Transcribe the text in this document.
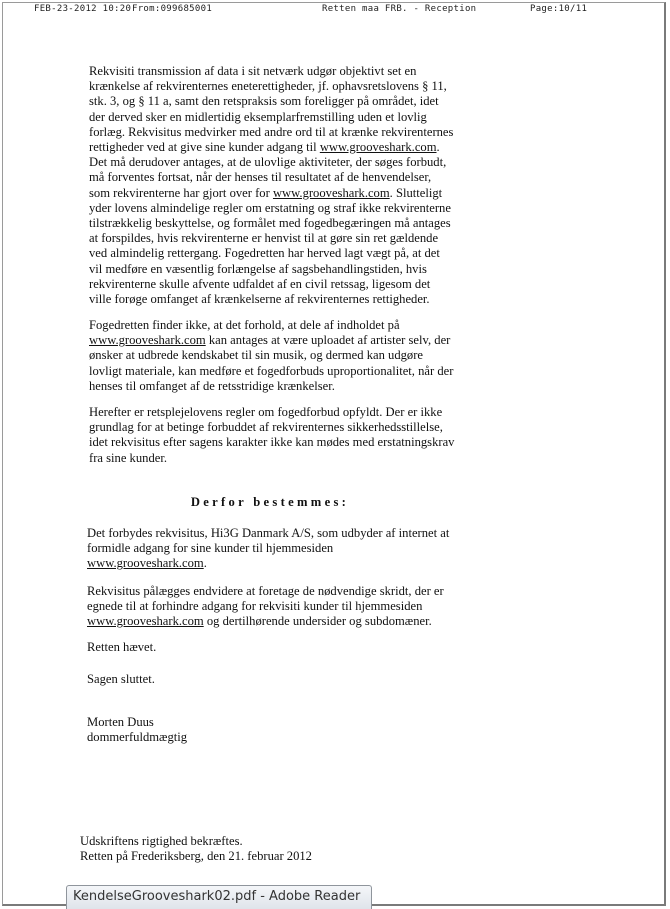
FEB-23-2012 10:20 From:099685001	Retten maa FRB. - Reception	Page:10/11
Rekvisiti transmission af data i sit netværk udgør objektivt set en
krænkelse af rekvirenternes eneterettigheder, jf. ophavsretslovens § 11,
stk. 3, og § 11 a, samt den retspraksis som foreligger på området, idet
der derved sker en midlertidig eksemplarfremstilling uden et lovlig
forlæg. Rekvisitus medvirker med andre ord til at krænke rekvirenternes
rettigheder ved at give sine kunder adgang til www.grooveshark.com.
Det må derudover antages, at de ulovlige aktiviteter, der søges forbudt,
må forventes fortsat, når der henses til resultatet af de henvendelser,
som rekvirenterne har gjort over for www.grooveshark.com. Slutteligt
yder lovens almindelige regler om erstatning og straf ikke rekvirenterne
tilstrækkelig beskyttelse, og formålet med fogedbegæringen må antages
at forspildes, hvis rekvirenterne er henvist til at gøre sin ret gældende
ved almindelig rettergang. Fogedretten har herved lagt vægt på, at det
vil medføre en væsentlig forlængelse af sagsbehandlingstiden, hvis
rekvirenterne skulle afvente udfaldet af en civil retssag, ligesom det
ville forøge omfanget af krænkelserne af rekvirenternes rettigheder.
Fogedretten finder ikke, at det forhold, at dele af indholdet på
www.grooveshark.com kan antages at være uploadet af artister selv, der
ønsker at udbrede kendskabet til sin musik, og dermed kan udgøre
lovligt materiale, kan medføre et fogedforbuds uproportionalitet, når der
henses til omfanget af de retsstridige krænkelser.
Herefter er retsplejelovens regler om fogedforbud opfyldt. Der er ikke
grundlag for at betinge forbuddet af rekvirenternes sikkerhedsstillelse,
idet rekvisitus efter sagens karakter ikke kan mødes med erstatningskrav
fra sine kunder.

Derfor bestemmes:

Det forbydes rekvisitus, Hi3G Danmark A/S, som udbyder af internet at
formidle adgang for sine kunder til hjemmesiden
www.grooveshark.com.
Rekvisitus pålægges endvidere at foretage de nødvendige skridt, der er
egnede til at forhindre adgang for rekvisiti kunder til hjemmesiden
www.grooveshark.com og dertilhørende undersider og subdomæner.
Retten hævet.
Sagen sluttet.
Morten Duus
dommerfuldmægtig
Udskriftens rigtighed bekræftes.
Retten på Frederiksberg, den 21. februar 2012
KendelseGrooveshark02.pdf - Adobe Reader
